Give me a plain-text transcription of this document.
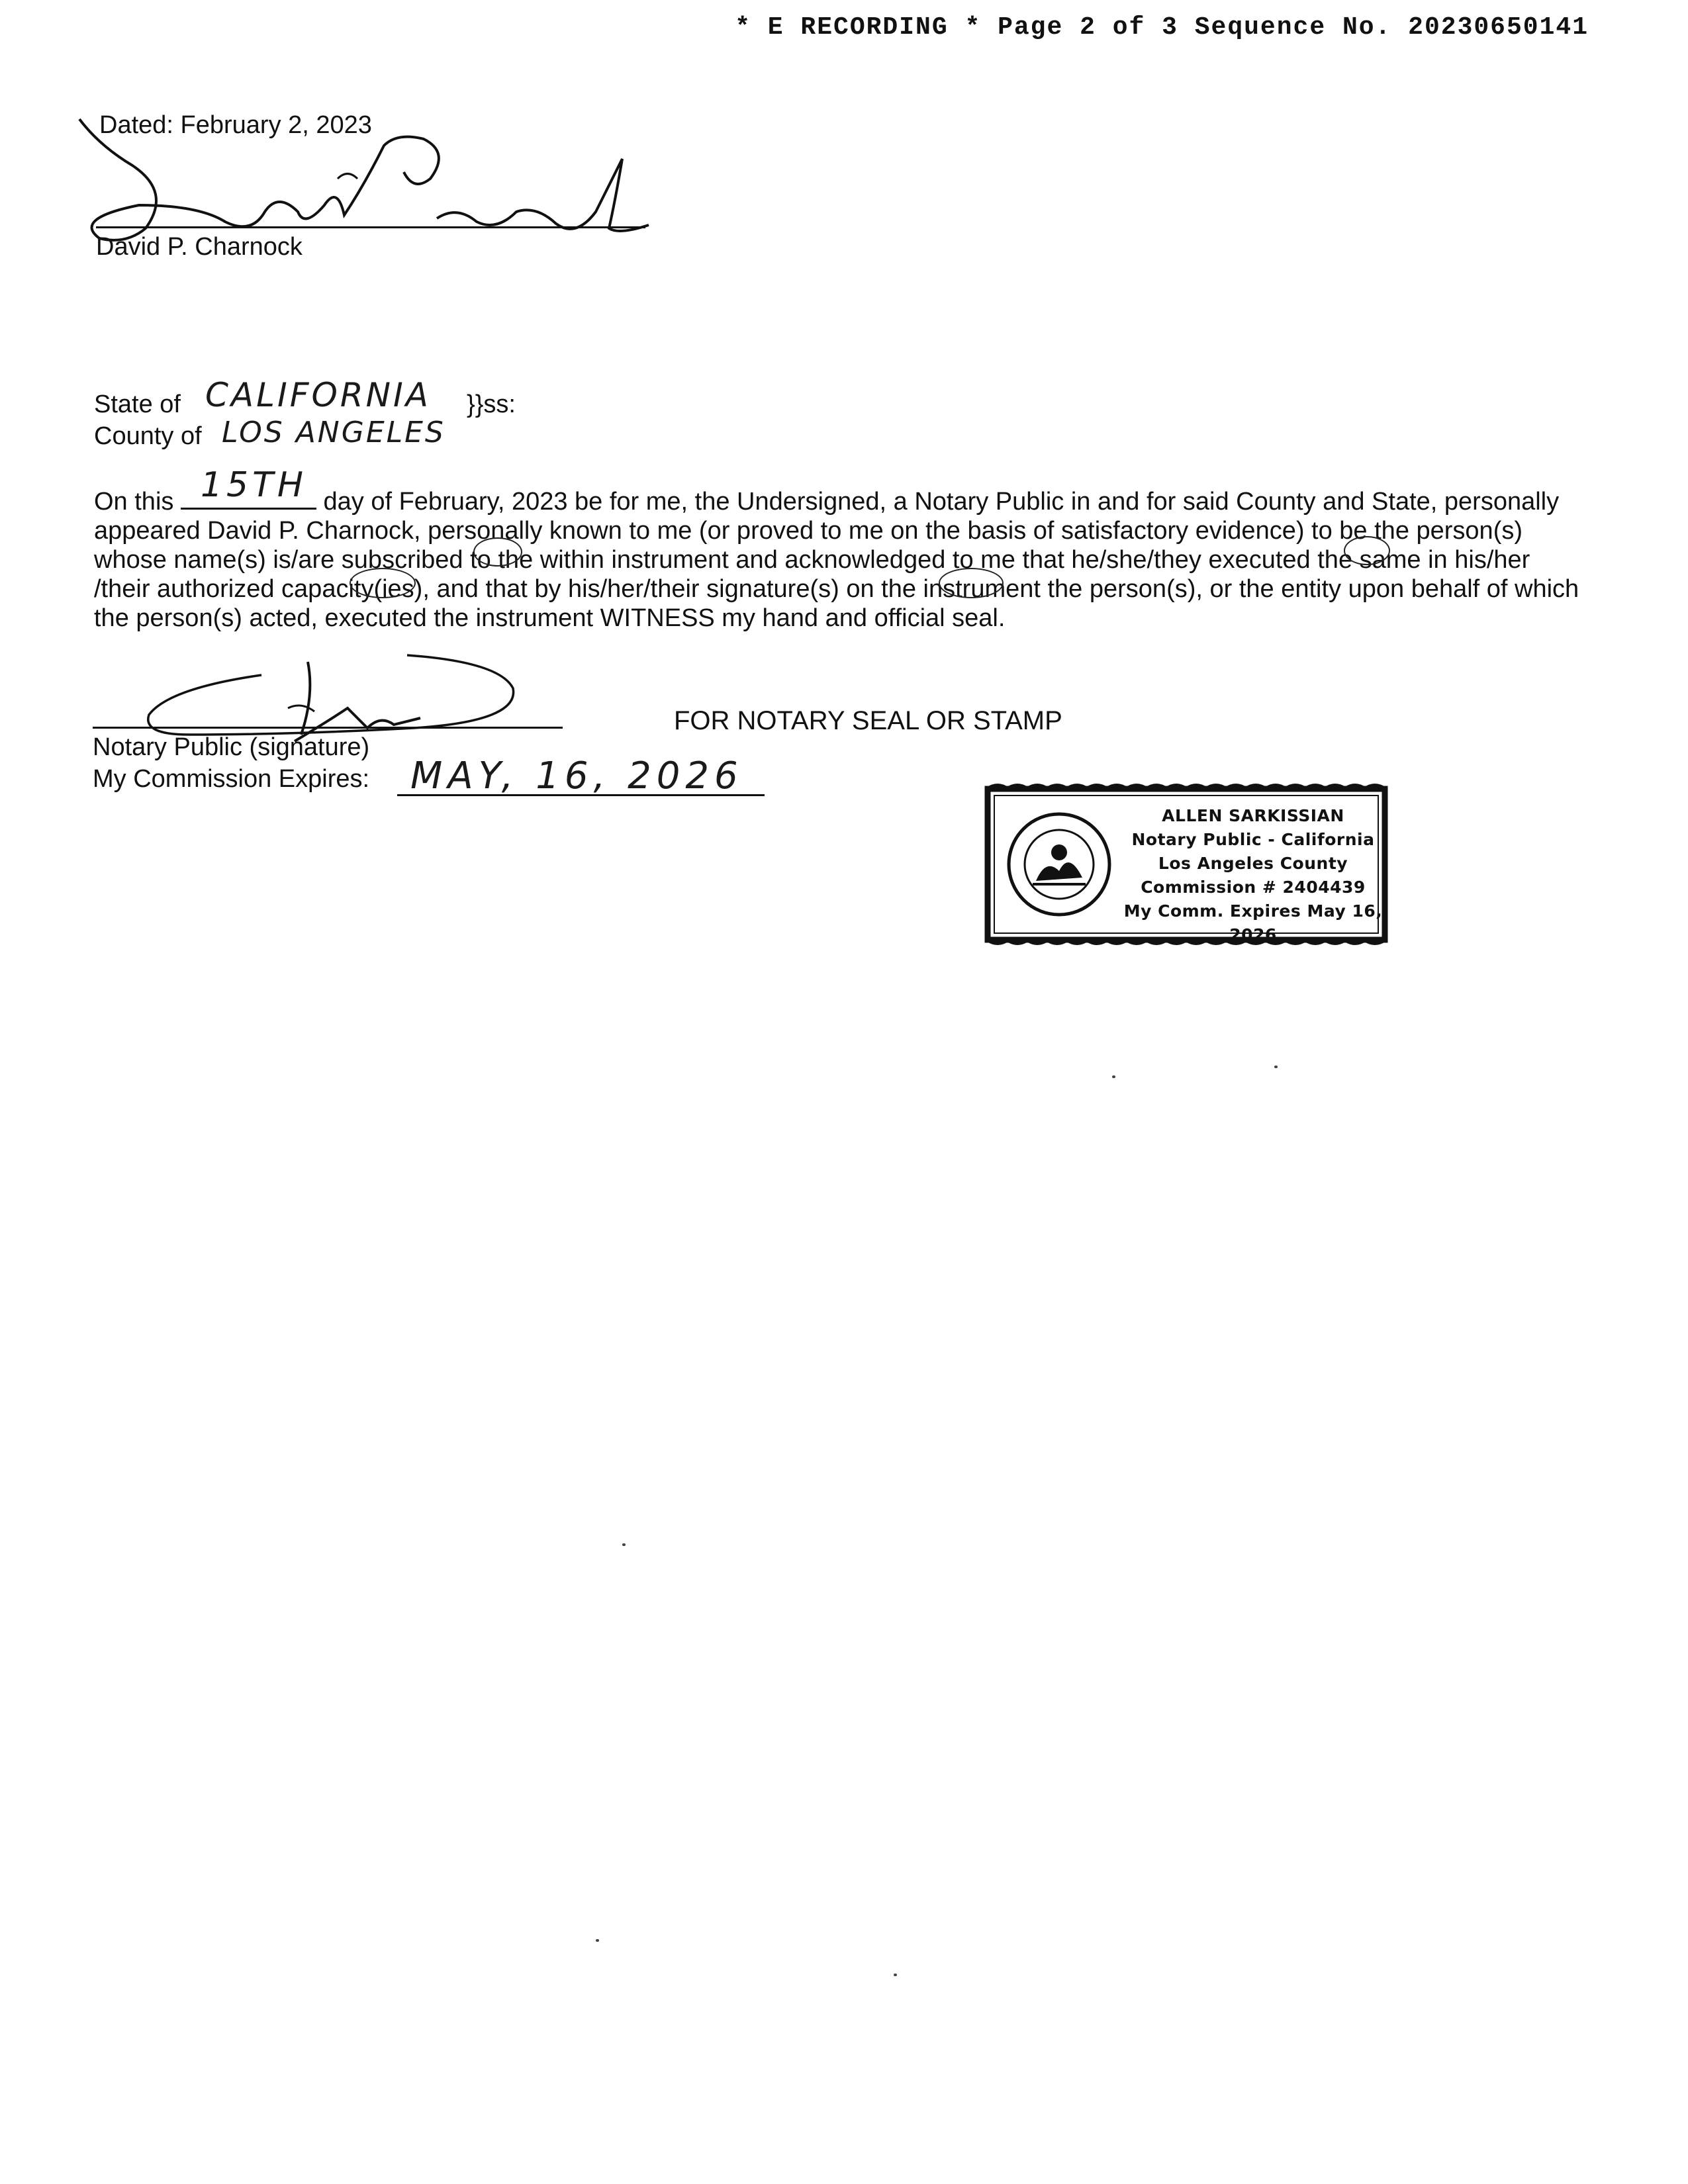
* E RECORDING * Page 2 of 3 Sequence No. 20230650141
Dated: February 2, 2023
David P. Charnock
State of CALIFORNIA }}ss:
County of LOS ANGELES
On this 15TH day of February, 2023 be for me, the Undersigned, a Notary Public in and for said County and State, personally appeared David P. Charnock, personally known to me (or proved to me on the basis of satisfactory evidence) to be the person(s) whose name(s) is/are subscribed to the within instrument and acknowledged to me that he/she/they executed the same in his/her /their authorized capacity(ies), and that by his/her/their signature(s) on the instrument the person(s), or the entity upon behalf of which the person(s) acted, executed the instrument WITNESS my hand and official seal.
Notary Public (signature)
My Commission Expires: MAY, 16, 2026
FOR NOTARY SEAL OR STAMP
ALLEN SARKISSIAN
Notary Public - California
Los Angeles County
Commission # 2404439
My Comm. Expires May 16, 2026
